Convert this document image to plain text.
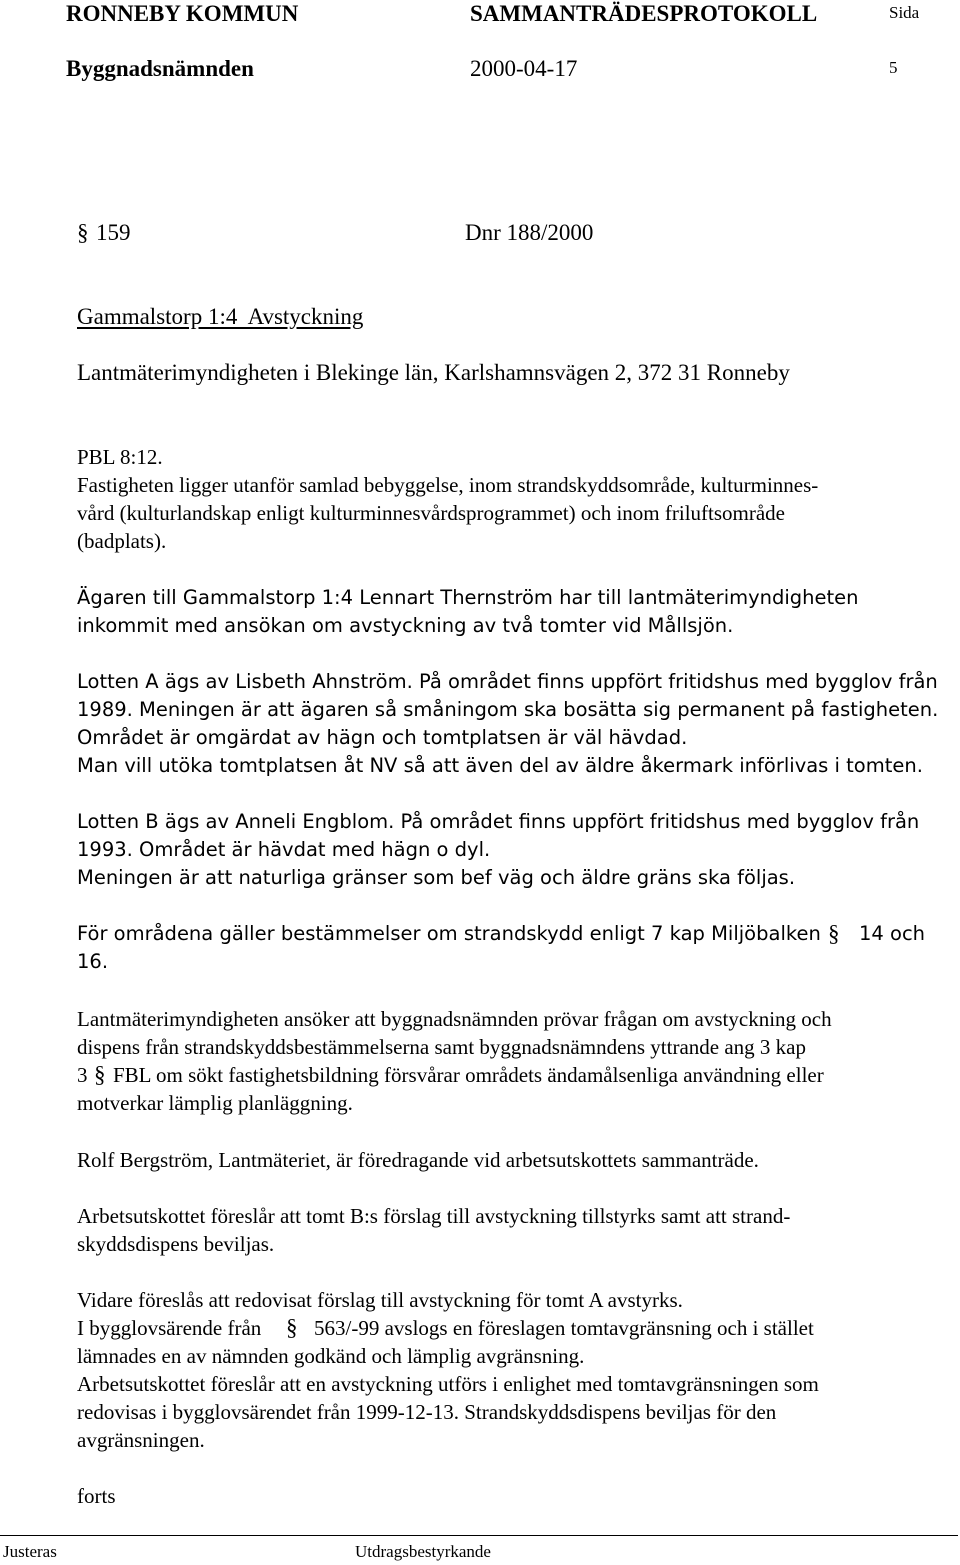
RONNEBY KOMMUN	SAMMANTRÄDESPROTOKOLL	Sida
Byggnadsnämnden	2000-04-17	5
§ 159	Dnr 188/2000
Gammalstorp 1:4  Avstyckning
Lantmäterimyndigheten i Blekinge län, Karlshamnsvägen 2, 372 31 Ronneby

PBL 8:12.

Fastigheten ligger utanför samlad bebyggelse, inom strandskyddsområde, kulturminnes-

vård (kulturlandskap enligt kulturminnesvårdsprogrammet) och inom friluftsområde

(badplats).

Ägaren till Gammalstorp 1:4 Lennart Thernström har till lantmäterimyndigheten

inkommit med ansökan om avstyckning av två tomter vid Mållsjön.

Lotten A ägs av Lisbeth Ahnström. På området finns uppfört fritidshus med bygglov från

1989. Meningen är att ägaren så småningom ska bosätta sig permanent på fastigheten.

Området är omgärdat av hägn och tomtplatsen är väl hävdad.

Man vill utöka tomtplatsen åt NV så att även del av äldre åkermark införlivas i tomten.

Lotten B ägs av Anneli Engblom. På området finns uppfört fritidshus med bygglov från

1993. Området är hävdat med hägn o dyl.

Meningen är att naturliga gränser som bef väg och äldre gräns ska följas.

För områdena gäller bestämmelser om strandskydd enligt 7 kap Miljöbalken § 14 och
16.

Lantmäterimyndigheten ansöker att byggnadsnämnden prövar frågan om avstyckning och

dispens från strandskyddsbestämmelserna samt byggnadsnämndens yttrande ang 3 kap

3 § FBL om sökt fastighetsbildning försvårar områdets ändamålsenliga användning eller
motverkar lämplig planläggning.
Rolf Bergström, Lantmäteriet, är föredragande vid arbetsutskottets sammanträde.

Arbetsutskottet föreslår att tomt B:s förslag till avstyckning tillstyrks samt att strand-

skyddsdispens beviljas.

Vidare föreslås att redovisat förslag till avstyckning för tomt A avstyrks.
I bygglovsärende från § 563/-99 avslogs en föreslagen tomtavgränsning och i stället

lämnades en av nämnden godkänd och lämplig avgränsning.

Arbetsutskottet föreslår att en avstyckning utförs i enlighet med tomtavgränsningen som

redovisas i bygglovsärendet från 1999-12-13. Strandskyddsdispens beviljas för den

avgränsningen.

forts
Justeras	Utdragsbestyrkande
